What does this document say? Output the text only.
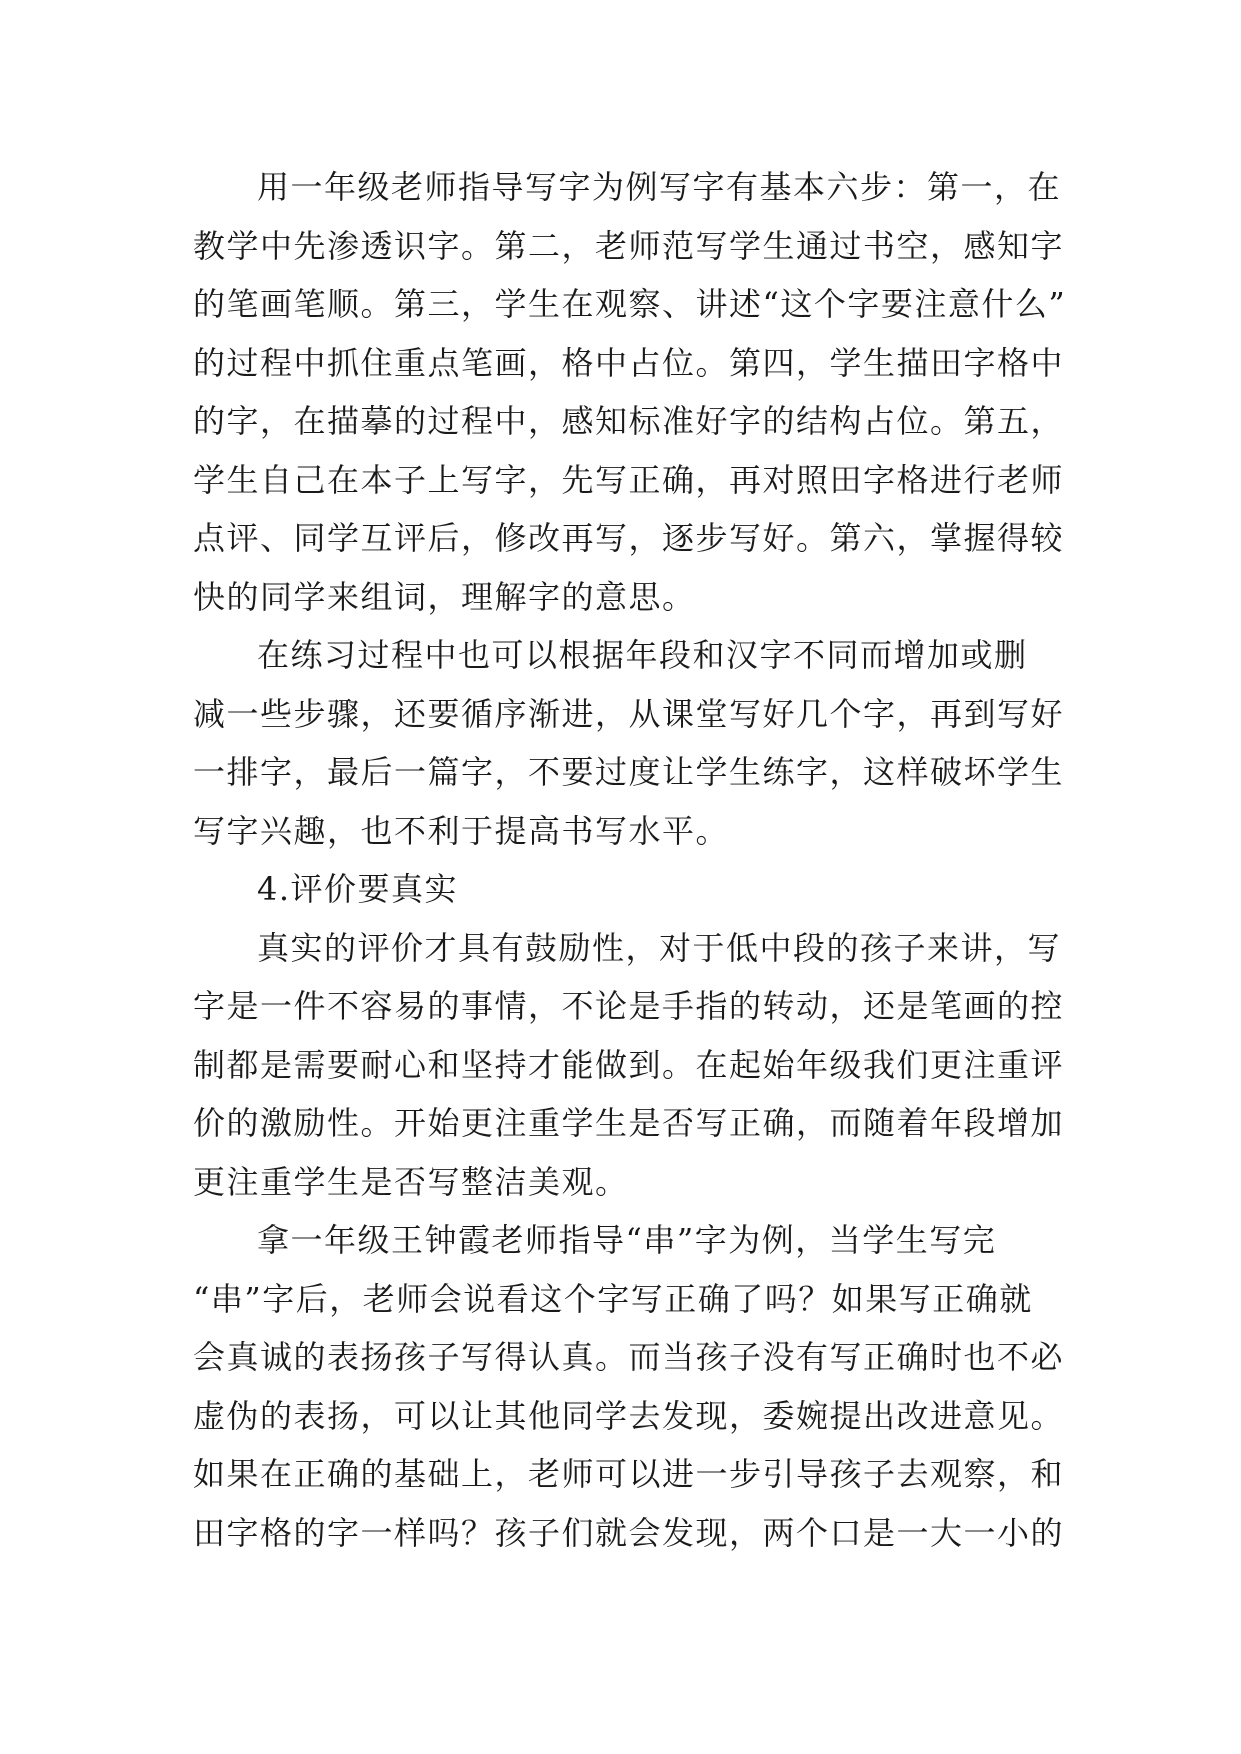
用一年级老师指导写字为例写字有基本六步：第一，在
教学中先渗透识字。第二，老师范写学生通过书空，感知字
的笔画笔顺。第三，学生在观察、讲述“这个字要注意什么”
的过程中抓住重点笔画，格中占位。第四，学生描田字格中
的字，在描摹的过程中，感知标准好字的结构占位。第五，
学生自己在本子上写字，先写正确，再对照田字格进行老师
点评、同学互评后，修改再写，逐步写好。第六，掌握得较
快的同学来组词，理解字的意思。
在练习过程中也可以根据年段和汉字不同而增加或删
减一些步骤，还要循序渐进，从课堂写好几个字，再到写好
一排字，最后一篇字，不要过度让学生练字，这样破坏学生
写字兴趣，也不利于提高书写水平。
4.评价要真实
真实的评价才具有鼓励性，对于低中段的孩子来讲，写
字是一件不容易的事情，不论是手指的转动，还是笔画的控
制都是需要耐心和坚持才能做到。在起始年级我们更注重评
价的激励性。开始更注重学生是否写正确，而随着年段增加
更注重学生是否写整洁美观。
拿一年级王钟霞老师指导“串”字为例，当学生写完
“串”字后，老师会说看这个字写正确了吗？如果写正确就
会真诚的表扬孩子写得认真。而当孩子没有写正确时也不必
虚伪的表扬，可以让其他同学去发现，委婉提出改进意见。
如果在正确的基础上，老师可以进一步引导孩子去观察，和
田字格的字一样吗？孩子们就会发现，两个口是一大一小的
